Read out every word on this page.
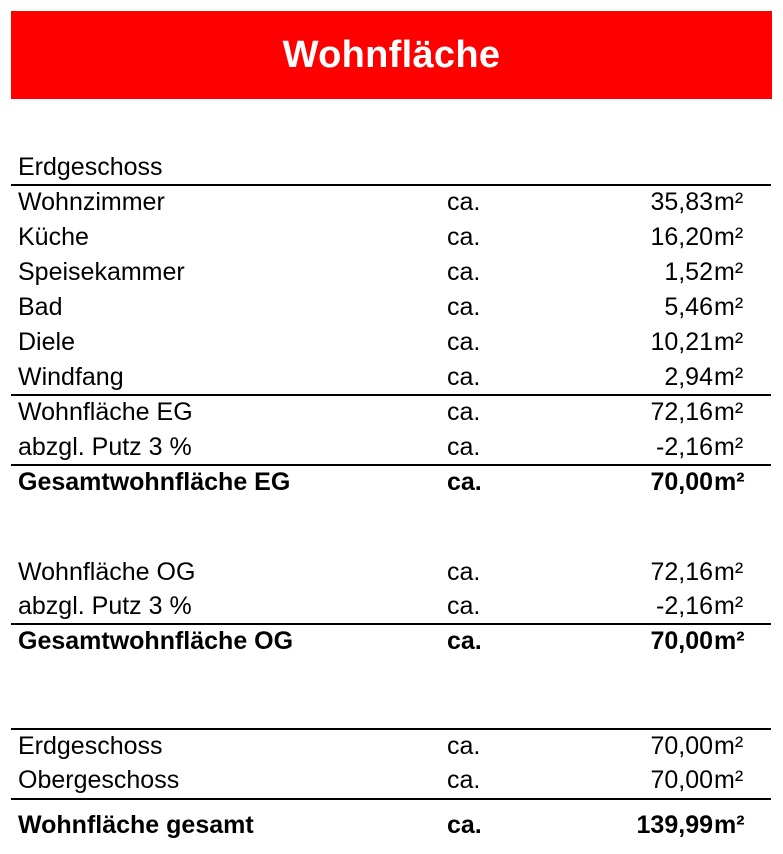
Wohnfläche
Erdgeschoss
Wohnzimmer	ca.	35,83 m²
Küche	ca.	16,20 m²
Speisekammer	ca.	1,52 m²
Bad	ca.	5,46 m²
Diele	ca.	10,21 m²
Windfang	ca.	2,94 m²
Wohnfläche EG	ca.	72,16 m²
abzgl. Putz 3 %	ca.	-2,16 m²
Gesamtwohnfläche EG	ca.	70,00 m²
Wohnfläche OG	ca.	72,16 m²
abzgl. Putz 3 %	ca.	-2,16 m²
Gesamtwohnfläche OG	ca.	70,00 m²
Erdgeschoss	ca.	70,00 m²
Obergeschoss	ca.	70,00 m²
Wohnfläche gesamt	ca.	139,99 m²
